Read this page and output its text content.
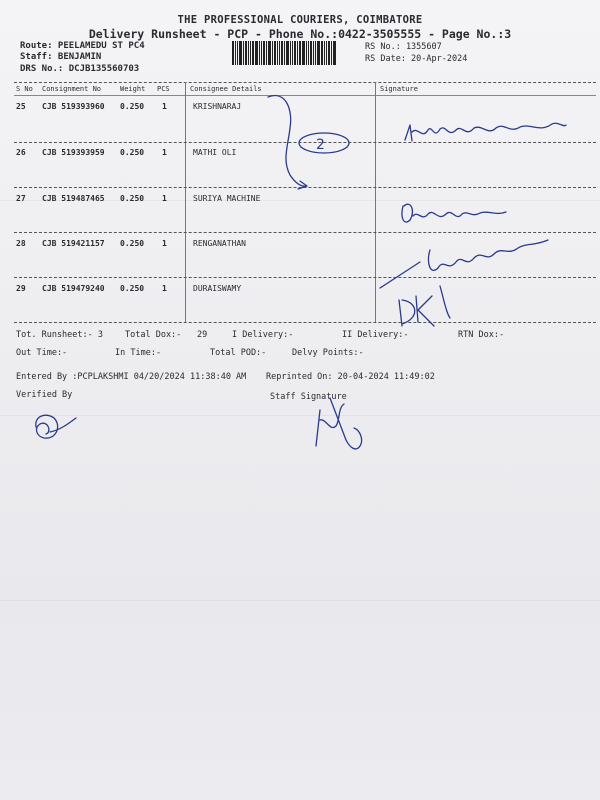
THE PROFESSIONAL COURIERS, COIMBATORE
Delivery Runsheet - PCP - Phone No.:0422-3505555 - Page No.:3
Route: PEELAMEDU ST PC4
Staff: BENJAMIN
DRS No.: DCJB135560703
RS No.: 1355607
RS Date: 20-Apr-2024
S No Consignment No	Weight PCS	Consignee Details	Signature
25 CJB 519393960 0.250 1	KRISHNARAJ
26 CJB 519393959 0.250 1	MATHI OLI
27 CJB 519487465 0.250 1	SURIYA MACHINE
28 CJB 519421157 0.250 1	RENGANATHAN
29 CJB 519479240 0.250 1	DURAISWAMY
Tot. Runsheet:- 3	Total Dox:- 29	I Delivery:-	II Delivery:-	RTN Dox:-
Out Time:-	In Time:-	Total POD:-	Delvy Points:-
Entered By :PCPLAKSHMI 04/20/2024 11:38:40 AM Reprinted On: 20-04-2024 11:49:02
Verified By	Staff Signature
2
